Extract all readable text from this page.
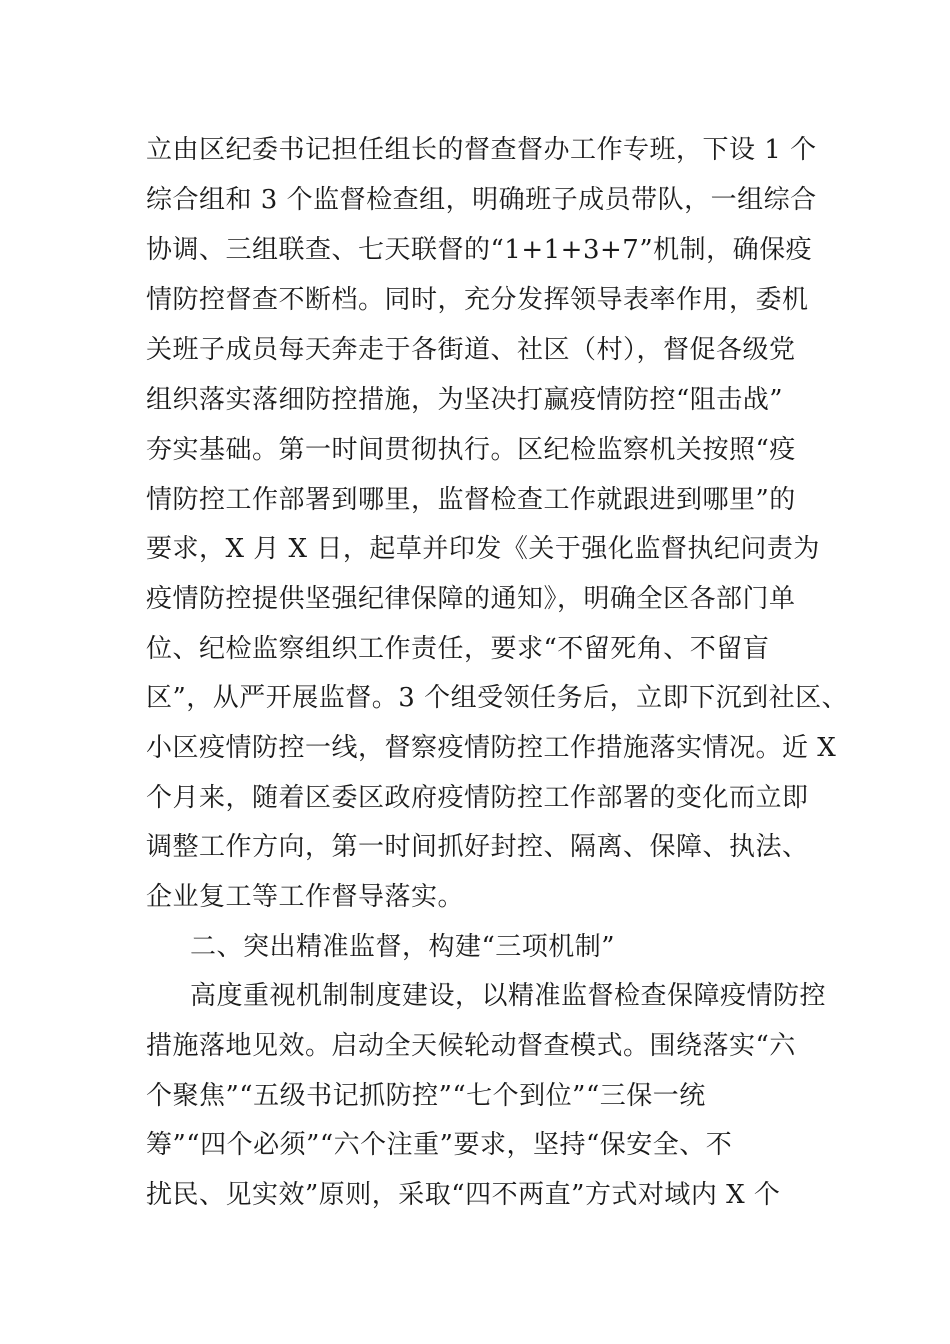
立由区纪委书记担任组长的督查督办工作专班，下设 1 个
综合组和 3 个监督检查组，明确班子成员带队，一组综合
协调、三组联查、七天联督的“1+1+3+7”机制，确保疫
情防控督查不断档。同时，充分发挥领导表率作用，委机
关班子成员每天奔走于各街道、社区（村），督促各级党
组织落实落细防控措施，为坚决打赢疫情防控“阻击战”
夯实基础。第一时间贯彻执行。区纪检监察机关按照“疫
情防控工作部署到哪里，监督检查工作就跟进到哪里”的
要求，X 月 X 日，起草并印发《关于强化监督执纪问责为
疫情防控提供坚强纪律保障的通知》，明确全区各部门单
位、纪检监察组织工作责任，要求“不留死角、不留盲
区”，从严开展监督。3 个组受领任务后，立即下沉到社区、
小区疫情防控一线，督察疫情防控工作措施落实情况。近 X
个月来，随着区委区政府疫情防控工作部署的变化而立即
调整工作方向，第一时间抓好封控、隔离、保障、执法、
企业复工等工作督导落实。
二、突出精准监督，构建“三项机制”
高度重视机制制度建设，以精准监督检查保障疫情防控
措施落地见效。启动全天候轮动督查模式。围绕落实“六
个聚焦”“五级书记抓防控”“七个到位”“三保一统
筹”“四个必须”“六个注重”要求，坚持“保安全、不
扰民、见实效”原则，采取“四不两直”方式对域内 X 个
